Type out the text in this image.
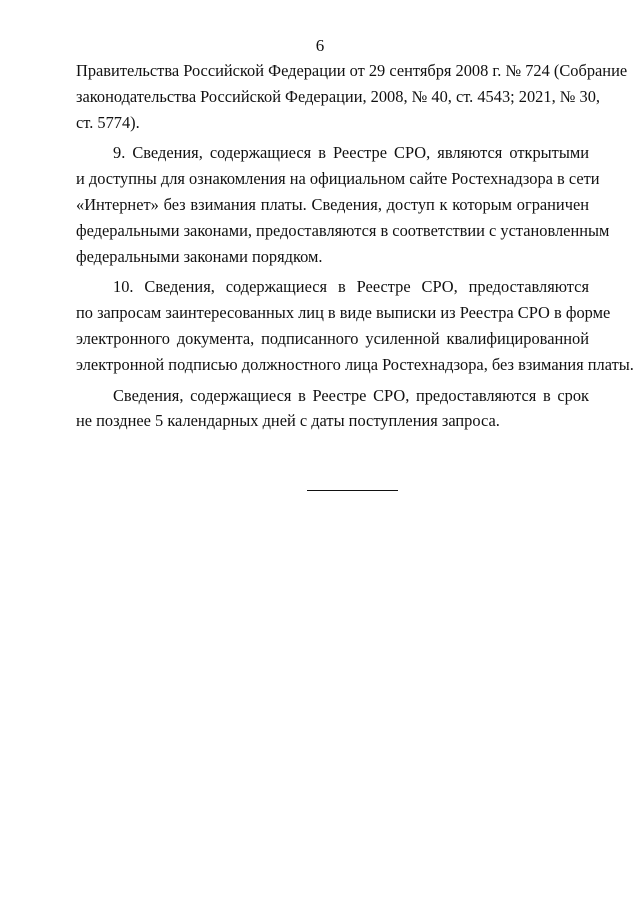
6
Правительства Российской Федерации от 29 сентября 2008 г. № 724 (Собрание
законодательства Российской Федерации, 2008, № 40, ст. 4543; 2021, № 30,
ст. 5774).
9. Сведения, содержащиеся в Реестре СРО, являются открытыми
и доступны для ознакомления на официальном сайте Ростехнадзора в сети
«Интернет» без взимания платы. Сведения, доступ к которым ограничен
федеральными законами, предоставляются в соответствии с установленным
федеральными законами порядком.
10. Сведения, содержащиеся в Реестре СРО, предоставляются
по запросам заинтересованных лиц в виде выписки из Реестра СРО в форме
электронного документа, подписанного усиленной квалифицированной
электронной подписью должностного лица Ростехнадзора, без взимания платы.
Сведения, содержащиеся в Реестре СРО, предоставляются в срок
не позднее 5 календарных дней с даты поступления запроса.
